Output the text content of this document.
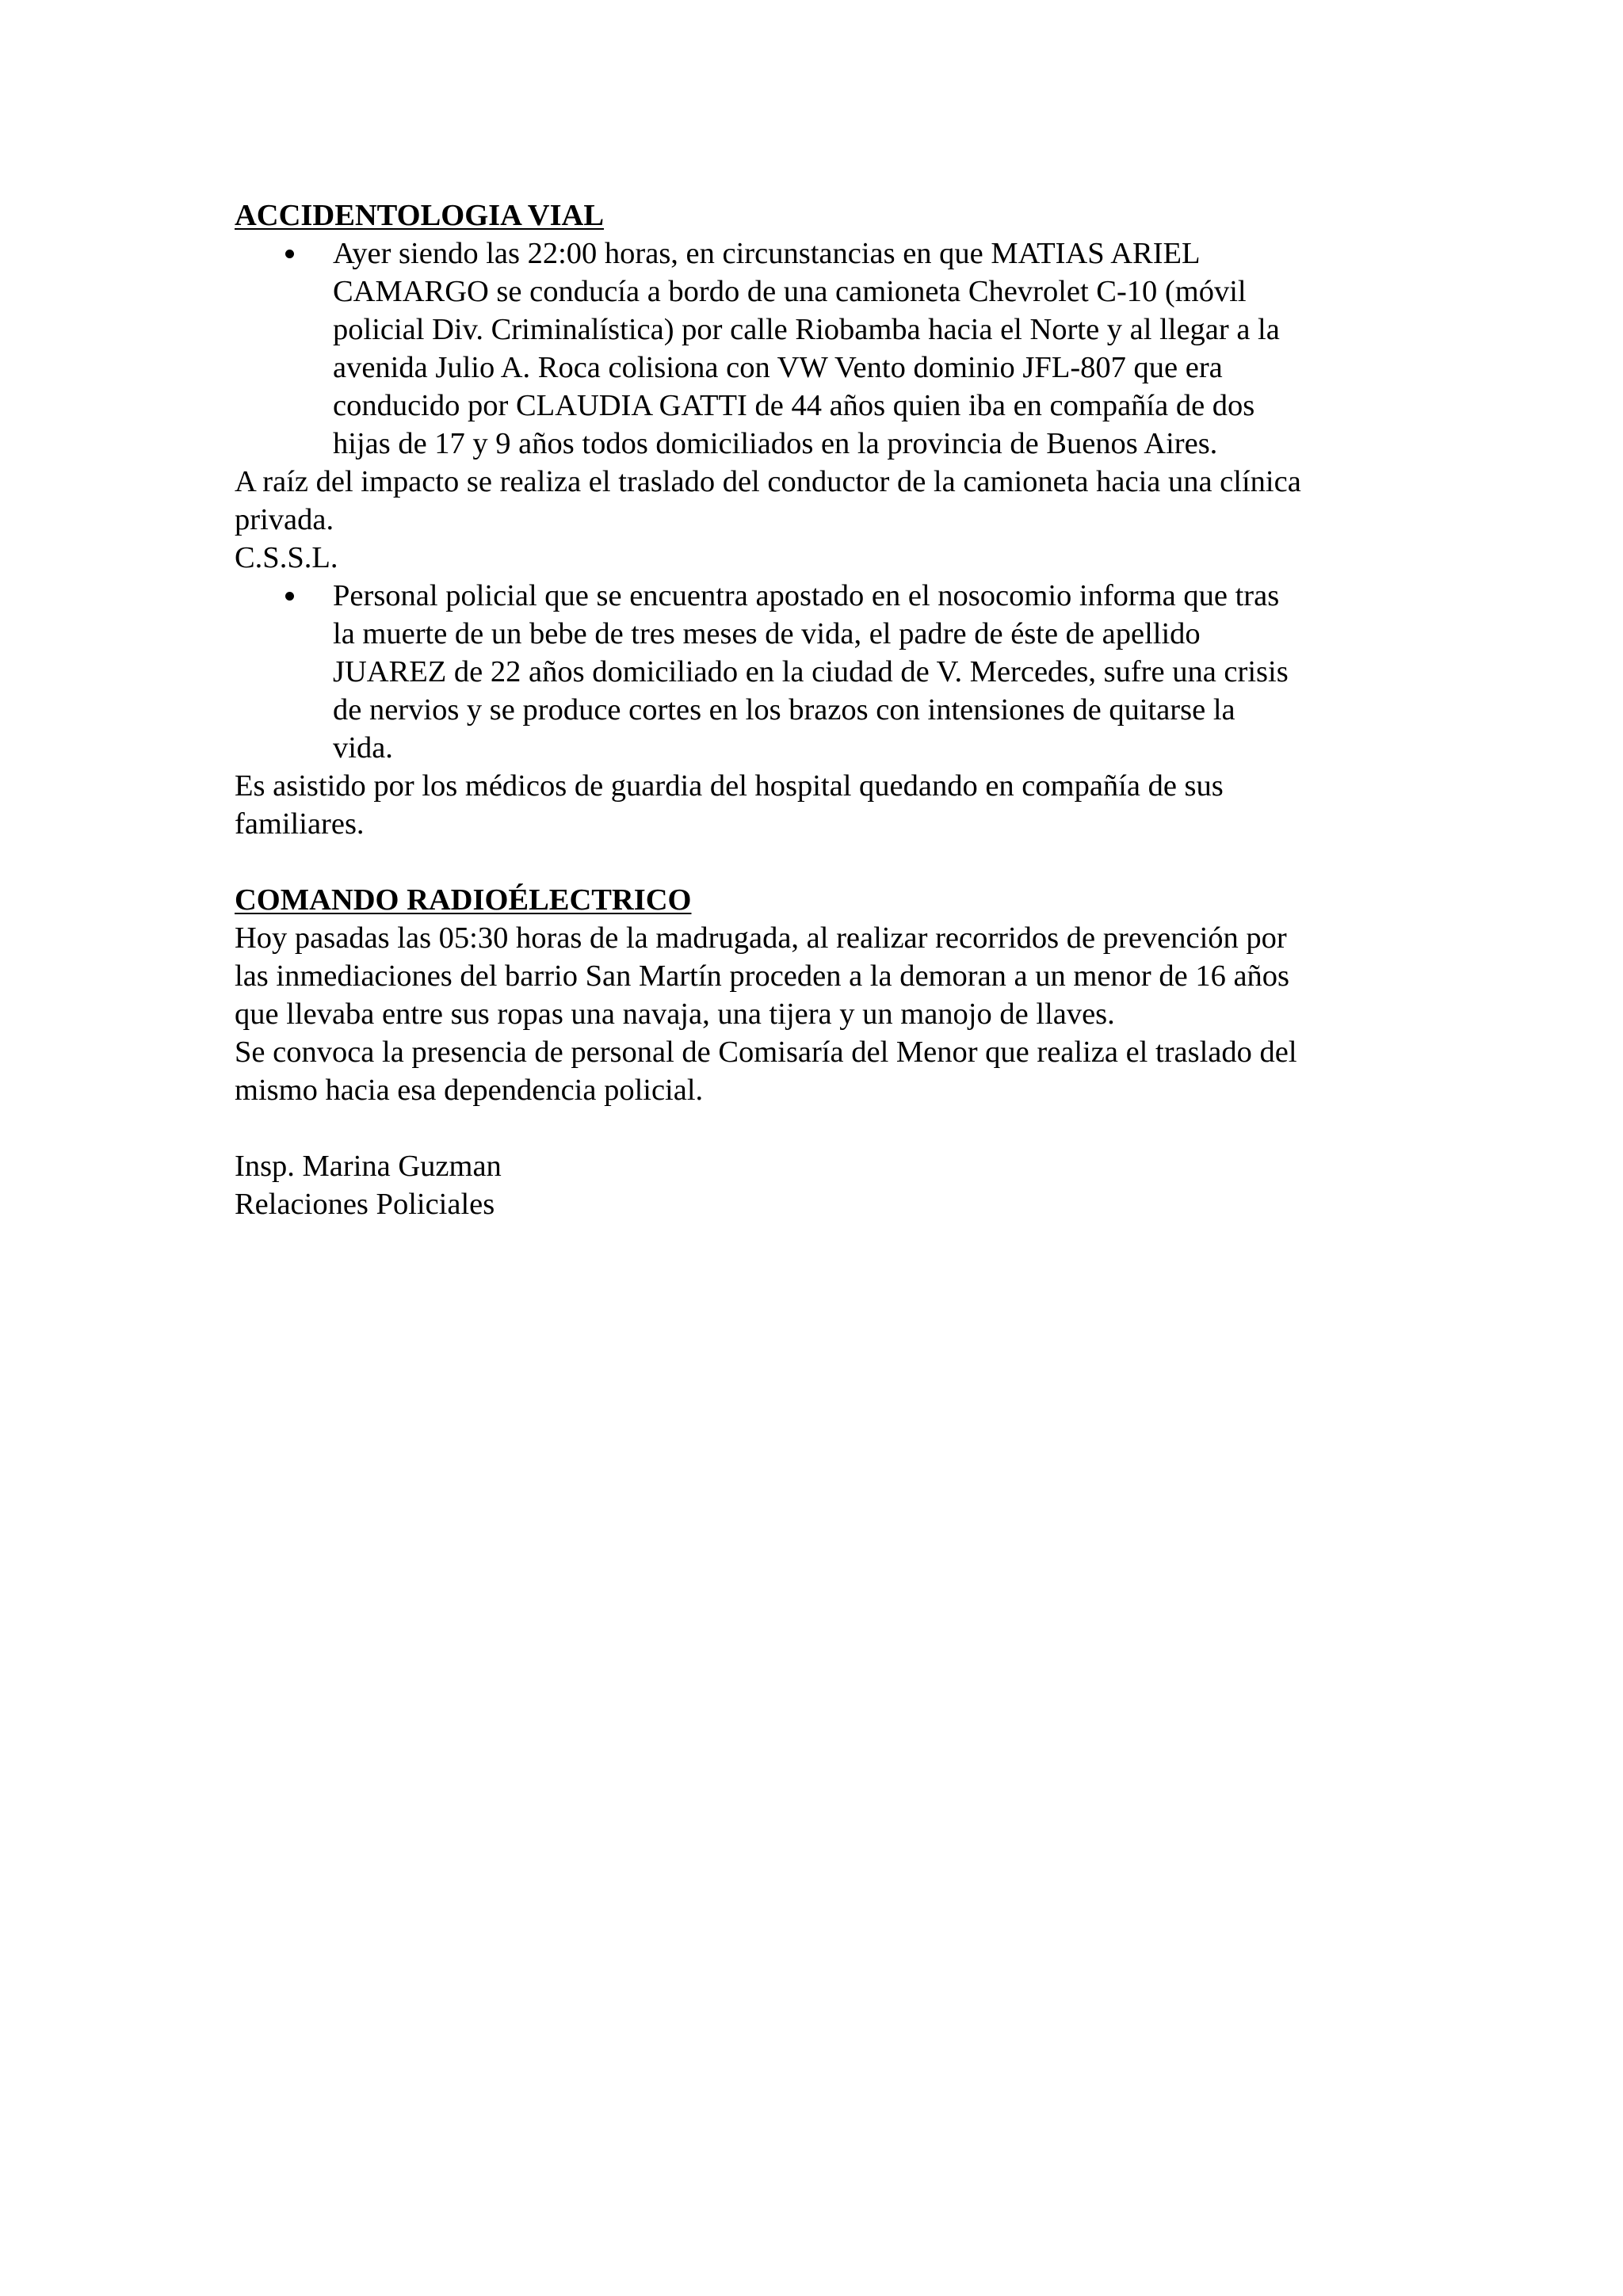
ACCIDENTOLOGIA VIAL

Ayer siendo las 22:00 horas, en circunstancias en que MATIAS ARIEL
CAMARGO se conducía a bordo de una camioneta Chevrolet C-10 (móvil
policial Div. Criminalística) por calle Riobamba hacia el Norte y al llegar a la
avenida Julio A. Roca colisiona con VW Vento dominio JFL-807 que era
conducido por CLAUDIA GATTI de 44 años quien iba en compañía de dos
hijas de 17 y 9 años todos domiciliados en la provincia de Buenos Aires.

A raíz del impacto se realiza el traslado del conductor de la camioneta hacia una clínica
privada.

C.S.S.L.

Personal policial que se encuentra apostado en el nosocomio informa que tras
la muerte de un bebe de tres meses de vida, el padre de éste de apellido
JUAREZ de 22 años domiciliado en la ciudad de V. Mercedes, sufre una crisis
de nervios y se produce cortes en los brazos con intensiones de quitarse la
vida.

Es asistido por los médicos de guardia del hospital quedando en compañía de sus
familiares.

COMANDO RADIOÉLECTRICO

Hoy pasadas las 05:30 horas de la madrugada, al realizar recorridos de prevención por
las inmediaciones del barrio San Martín proceden a la demoran a un menor de 16 años
que llevaba entre sus ropas una navaja, una tijera y un manojo de llaves.
Se convoca la presencia de personal de Comisaría del Menor que realiza el traslado del
mismo hacia esa dependencia policial.

Insp. Marina Guzman
Relaciones Policiales
